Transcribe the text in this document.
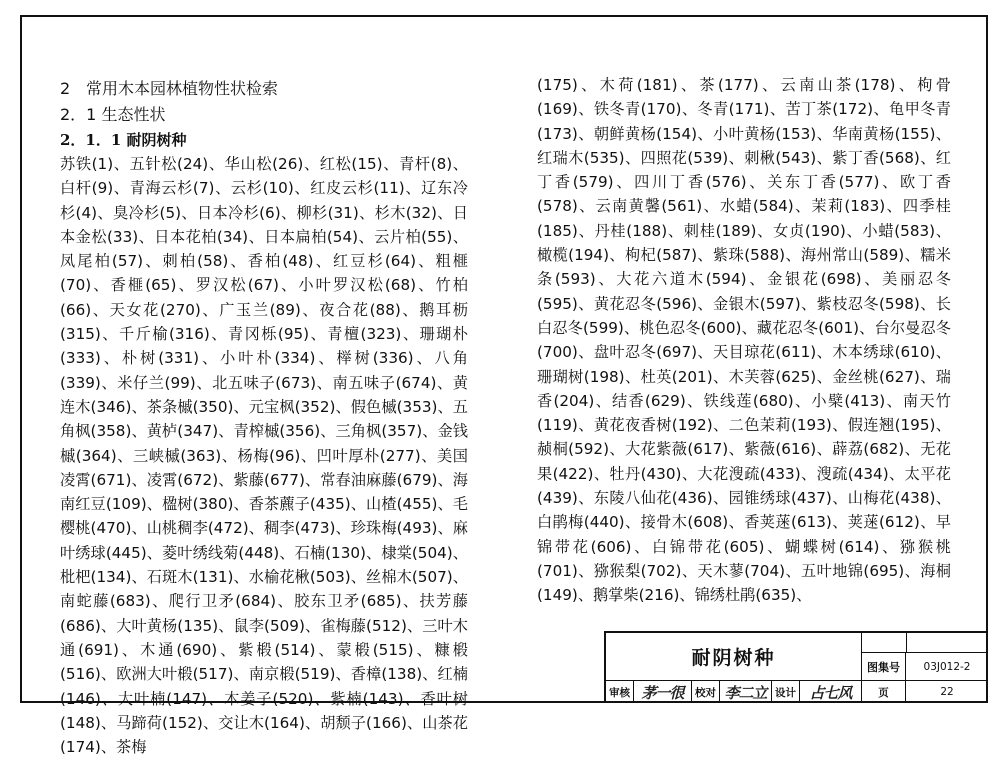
2 常用木本园林植物性状检索
2．1 生态性状
2．1．1 耐阴树种

苏铁(1)、五针松(24)、华山松(26)、红松(15)、青杆(8)、白杆(9)、青海云杉(7)、云杉(10)、红皮云杉(11)、辽东冷杉(4)、臭冷杉(5)、日本冷杉(6)、柳杉(31)、杉木(32)、日本金松(33)、日本花柏(34)、日本扁柏(54)、云片柏(55)、凤尾柏(57)、刺柏(58)、香柏(48)、红豆杉(64)、粗榧(70)、香榧(65)、罗汉松(67)、小叶罗汉松(68)、竹柏(66)、天女花(270)、广玉兰(89)、夜合花(88)、鹅耳枥(315)、千斤榆(316)、青冈栎(95)、青檀(323)、珊瑚朴(333)、朴树(331)、小叶朴(334)、榉树(336)、八角(339)、米仔兰(99)、北五味子(673)、南五味子(674)、黄连木(346)、茶条槭(350)、元宝枫(352)、假色槭(353)、五角枫(358)、黄栌(347)、青榨槭(356)、三角枫(357)、金钱槭(364)、三峡槭(363)、杨梅(96)、凹叶厚朴(277)、美国凌霄(671)、凌霄(672)、紫藤(677)、常春油麻藤(679)、海南红豆(109)、楹树(380)、香茶藨子(435)、山楂(455)、毛樱桃(470)、山桃稠李(472)、稠李(473)、珍珠梅(493)、麻叶绣球(445)、菱叶绣线菊(448)、石楠(130)、棣棠(504)、枇杷(134)、石斑木(131)、水榆花楸(503)、丝棉木(507)、南蛇藤(683)、爬行卫矛(684)、胶东卫矛(685)、扶芳藤(686)、大叶黄杨(135)、鼠李(509)、雀梅藤(512)、三叶木通(691)、木通(690)、紫椴(514)、蒙椴(515)、糠椴(516)、欧洲大叶椴(517)、南京椴(519)、香樟(138)、红楠(146)、大叶楠(147)、木姜子(520)、紫楠(143)、香叶树(148)、马蹄荷(152)、交让木(164)、胡颓子(166)、山茶花(174)、茶梅

(175)、木荷(181)、茶(177)、云南山茶(178)、枸骨(169)、铁冬青(170)、冬青(171)、苦丁茶(172)、龟甲冬青(173)、朝鲜黄杨(154)、小叶黄杨(153)、华南黄杨(155)、红瑞木(535)、四照花(539)、刺楸(543)、紫丁香(568)、红丁香(579)、四川丁香(576)、关东丁香(577)、欧丁香(578)、云南黄馨(561)、水蜡(584)、茉莉(183)、四季桂(185)、丹桂(188)、刺桂(189)、女贞(190)、小蜡(583)、橄榄(194)、枸杞(587)、紫珠(588)、海州常山(589)、糯米条(593)、大花六道木(594)、金银花(698)、美丽忍冬(595)、黄花忍冬(596)、金银木(597)、紫枝忍冬(598)、长白忍冬(599)、桃色忍冬(600)、藏花忍冬(601)、台尔曼忍冬(700)、盘叶忍冬(697)、天目琼花(611)、木本绣球(610)、珊瑚树(198)、杜英(201)、木芙蓉(625)、金丝桃(627)、瑞香(204)、结香(629)、铁线莲(680)、小檗(413)、南天竹(119)、黄花夜香树(192)、二色茉莉(193)、假连翘(195)、赪桐(592)、大花紫薇(617)、紫薇(616)、薜荔(682)、无花果(422)、牡丹(430)、大花溲疏(433)、溲疏(434)、太平花(439)、东陵八仙花(436)、园锥绣球(437)、山梅花(438)、白鹃梅(440)、接骨木(608)、香荚蒾(613)、荚蒾(612)、早锦带花(606)、白锦带花(605)、蝴蝶树(614)、猕猴桃(701)、猕猴梨(702)、天木蓼(704)、五叶地锦(695)、海桐(149)、鹅掌柴(216)、锦绣杜鹃(635)、

耐阴树种	图集号	03J012-2
审核 茅一很 校对 李二立 设计 占七风	页	22
